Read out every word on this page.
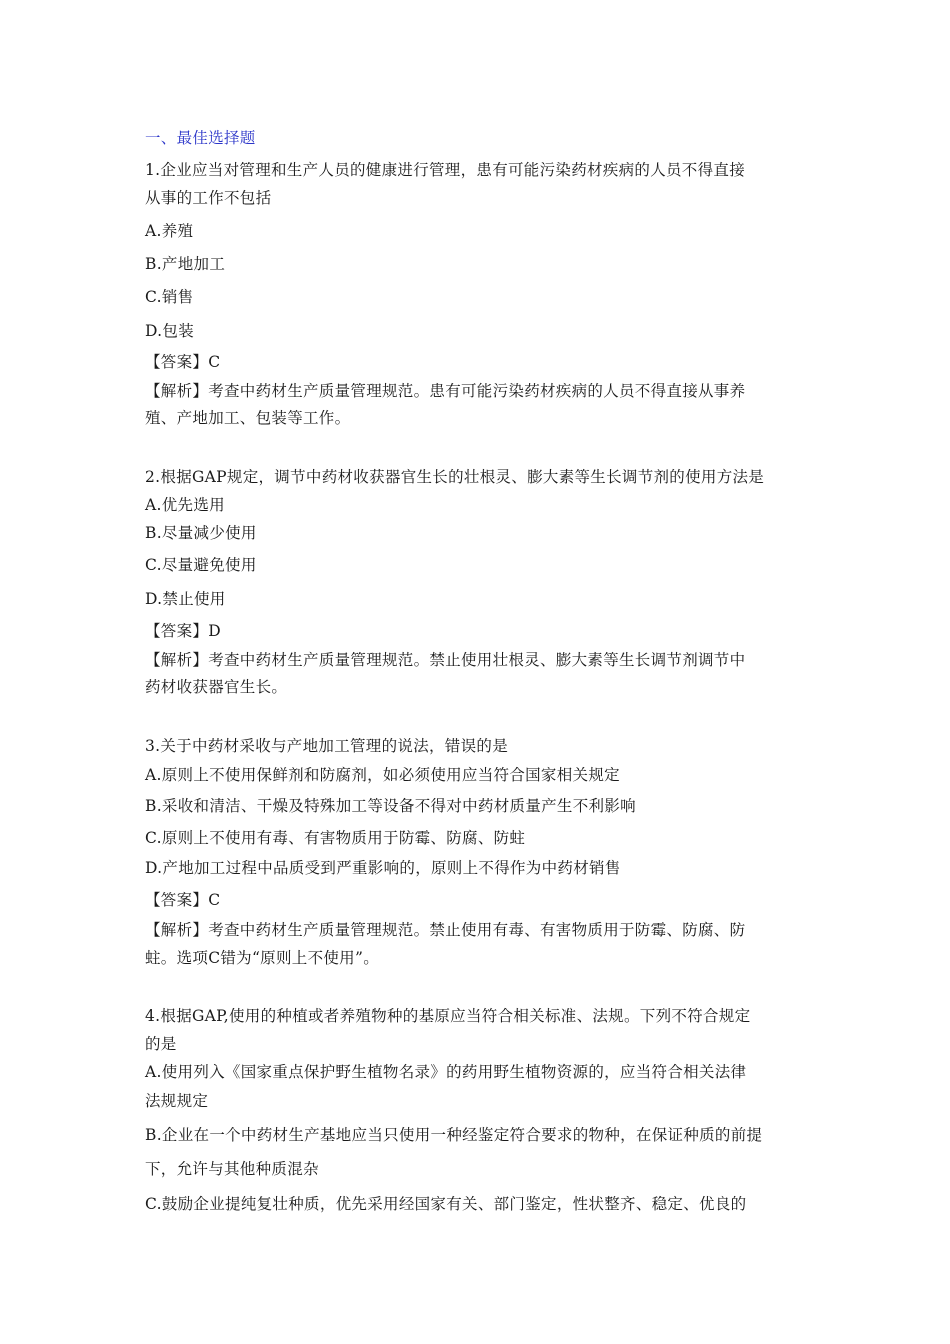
一、最佳选择题
1.企业应当对管理和生产人员的健康进行管理，患有可能污染药材疾病的人员不得直接
从事的工作不包括
A.养殖
B.产地加工
C.销售
D.包装
【答案】C
【解析】考查中药材生产质量管理规范。患有可能污染药材疾病的人员不得直接从事养
殖、产地加工、包装等工作。
2.根据GAP规定，调节中药材收获器官生长的壮根灵、膨大素等生长调节剂的使用方法是
A.优先选用
B.尽量减少使用
C.尽量避免使用
D.禁止使用
【答案】D
【解析】考查中药材生产质量管理规范。禁止使用壮根灵、膨大素等生长调节剂调节中
药材收获器官生长。
3.关于中药材采收与产地加工管理的说法，错误的是
A.原则上不使用保鲜剂和防腐剂，如必须使用应当符合国家相关规定
B.采收和清洁、干燥及特殊加工等设备不得对中药材质量产生不利影响
C.原则上不使用有毒、有害物质用于防霉、防腐、防蛀
D.产地加工过程中品质受到严重影响的，原则上不得作为中药材销售
【答案】C
【解析】考查中药材生产质量管理规范。禁止使用有毒、有害物质用于防霉、防腐、防
蛀。选项C错为“原则上不使用”。
4.根据GAP,使用的种植或者养殖物种的基原应当符合相关标准、法规。下列不符合规定
的是
A.使用列入《国家重点保护野生植物名录》的药用野生植物资源的，应当符合相关法律
法规规定
B.企业在一个中药材生产基地应当只使用一种经鉴定符合要求的物种，在保证种质的前提
下，允许与其他种质混杂
C.鼓励企业提纯复壮种质，优先采用经国家有关、部门鉴定，性状整齐、稳定、优良的
